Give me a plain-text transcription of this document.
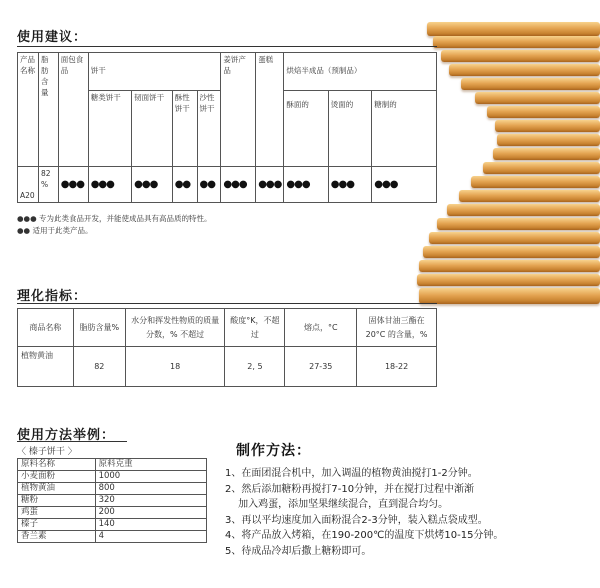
使用建议：
产品名称	脂肪含量	面包食品	饼干				姜饼产品	蛋糕	烘焙半成品（预制品）		
			糖类饼干	韧面饼干	酥性饼干	沙性饼干			酥面的	烫面的	糖制的
A20	82 %	●●●	●●●	●●●	●●	●●	●●●	●●●	●●●	●●●	●●●
●●● 专为此类食品开发，并能使成品具有高品质的特性。
●● 适用于此类产品。
理化指标：
商品名称	脂肪含量%	水分和挥发性物质的质量分数，% 不超过	酸度°K，不超过	熔点，°C	固体甘油三酯在 20°C 的含量，%
植物黄油	82	18	2, 5	27-35	18-22
使用方法举例：
〈 榛子饼干 〉
原料名称	原料克重
小麦面粉	1000
植物黄油	800
糖粉	320
鸡蛋	200
榛子	140
香兰素	4
制作方法：
1、在面团混合机中，加入调温的植物黄油搅打1-2分钟。
2、然后添加糖粉再搅打7-10分钟，并在搅打过程中渐渐
　 加入鸡蛋，添加坚果继续混合，直到混合均匀。
3、再以平均速度加入面粉混合2-3分钟，装入糕点袋成型。
4、将产品放入烤箱，在190-200℃的温度下烘烤10-15分钟。
5、待成品冷却后撒上糖粉即可。
